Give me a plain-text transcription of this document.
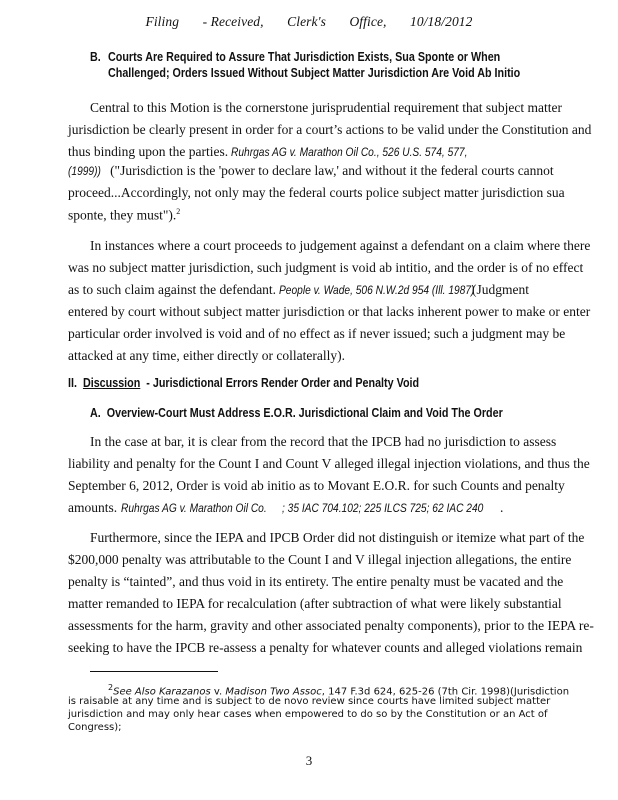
Filing - Received, Clerk's Office, 10/18/2012
B. Courts Are Required to Assure That Jurisdiction Exists, Sua Sponte or When
Challenged; Orders Issued Without Subject Matter Jurisdiction Are Void Ab Initio
Central to this Motion is the cornerstone jurisprudential requirement that subject matter
jurisdiction be clearly present in order for a court’s actions to be valid under the Constitution and
thus binding upon the parties. Ruhrgas AG v. Marathon Oil Co., 526 U.S. 574, 577,
(1999)) ("Jurisdiction is the 'power to declare law,' and without it the federal courts cannot
proceed...Accordingly, not only may the federal courts police subject matter jurisdiction sua
sponte, they must").$^2$
In instances where a court proceeds to judgement against a defendant on a claim where there
was no subject matter jurisdiction, such judgment is void ab intitio, and the order is of no effect
as to such claim against the defendant. People v. Wade, 506 N.W.2d 954 (Ill. 1987)
(Judgment
entered by court without subject matter jurisdiction or that lacks inherent power to make or enter
particular order involved is void and of no effect as if never issued; such a judgment may be
attacked at any time, either directly or collaterally).
II. Discussion - Jurisdictional Errors Render Order and Penalty Void
A. Overview-Court Must Address E.O.R. Jurisdictional Claim and Void The Order
In the case at bar, it is clear from the record that the IPCB had no jurisdiction to assess
liability and penalty for the Count I and Count V alleged illegal injection violations, and thus the
September 6, 2012, Order is void ab initio as to Movant E.O.R. for such Counts and penalty
amounts. Ruhrgas AG v. Marathon Oil Co.	; 35 IAC 704.102; 225 ILCS 725; 62 IAC 240	.
Furthermore, since the IEPA and IPCB Order did not distinguish or itemize what part of the
$200,000 penalty was attributable to the Count I and V illegal injection allegations, the entire
penalty is “tainted”, and thus void in its entirety. The entire penalty must be vacated and the
matter remanded to IEPA for recalculation (after subtraction of what were likely substantial
assessments for the harm, gravity and other associated penalty components), prior to the IEPA re-
seeking to have the IPCB re-assess a penalty for whatever counts and alleged violations remain
$^2$See Also Karazanos v. Madison Two Assoc, 147 F.3d 624, 625-26 (7th Cir. 1998)(Jurisdiction
is raisable at any time and is subject to de novo review since courts have limited subject matter
jurisdiction and may only hear cases when empowered to do so by the Constitution or an Act of
Congress);
3
